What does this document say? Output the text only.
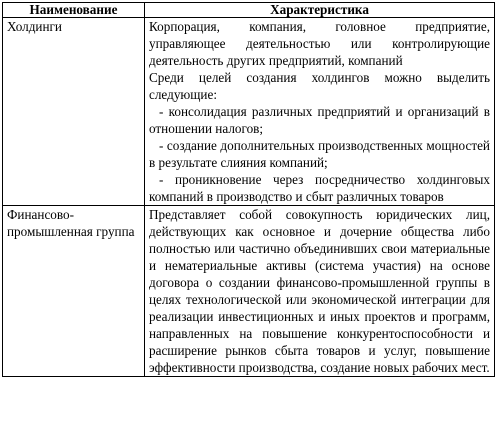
Наименование	Характеристика
Холдинги	Корпорация, компания, головное предприятие, управляющее деятельностью или контролирующие деятельность других предприятий, компаний

Среди целей создания холдингов можно выделить следующие:

- консолидация различных предприятий и организаций в отношении налогов;

- создание дополнительных производственных мощностей в результате слияния компаний;

- проникновение через посредничество холдинговых компаний в производство и сбыт различных товаров

Финансово-промышленная группа	Представляет собой совокупность юридических лиц, действующих как основное и дочерние общества либо полностью или частично объединивших свои материальные и нематериальные активы (система участия) на основе договора о создании финансово-промышленной группы в целях технологической или экономической интеграции для реализации инвестиционных и иных проектов и программ, направленных на повышение конкурентоспособности и расширение рынков сбыта товаров и услуг, повышение эффективности производства, создание новых рабочих мест.
